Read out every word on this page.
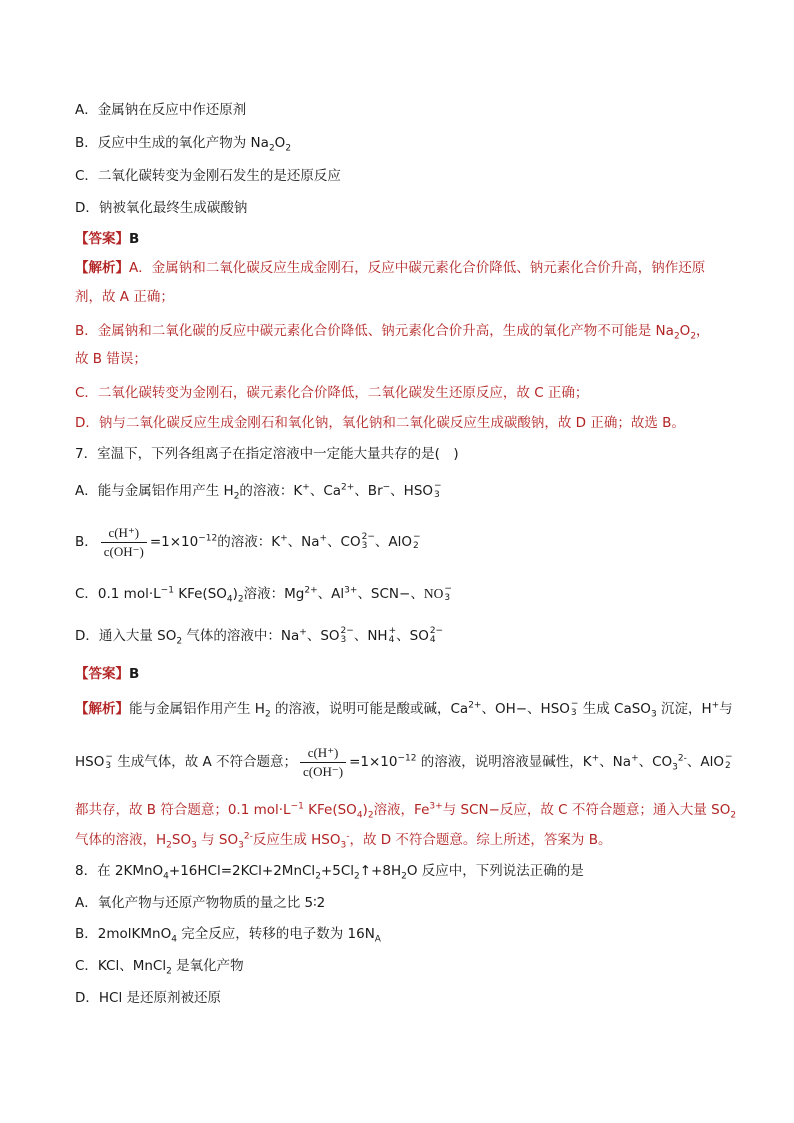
A．金属钠在反应中作还原剂
B．反应中生成的氧化产物为 $Na_2O_2$
C．二氧化碳转变为金刚石发生的是还原反应
D．钠被氧化最终生成碳酸钠
【答案】B
【解析】A．金属钠和二氧化碳反应生成金刚石，反应中碳元素化合价降低、钠元素化合价升高，钠作还原
剂，故 A 正确；
B．金属钠和二氧化碳的反应中碳元素化合价降低、钠元素化合价升高，生成的氧化产物不可能是 $Na_2O_2$，
故 B 错误；
C．二氧化碳转变为金刚石，碳元素化合价降低，二氧化碳发生还原反应，故 C 正确；
D．钠与二氧化碳反应生成金刚石和氧化钠，氧化钠和二氧化碳反应生成碳酸钠，故 D 正确；故选 B。
7．室温下，下列各组离子在指定溶液中一定能大量共存的是(　)
A．能与金属铝作用产生 $H_2$的溶液：K+、$Ca^{2+}$、Br−、HSO −
3
B． $\frac{c(H^+)}{c(OH^-)} =1\times 10^{-12}$的溶液：K+、Na+、CO 2−
3 、AlO −
2
C．0.1 $mol\cdot L^{-1}$ $KFe(SO_4)_2$溶液：$Mg^{2+}$、$Al^{3+}$、SCN−、NO −
3
D．通入大量 $SO_2$ 气体的溶液中：Na+、SO 2−
3 、NH +
4 、SO 2−
4
【答案】B
【解析】能与金属铝作用产生 $H_2$ 的溶液，说明可能是酸或碱，$Ca^{2+}$、OH−、HSO −
3 生成 CaSO$_3$ 沉淀，H+与
HSO −
3 生成气体，故 A 不符合题意； $\frac{c(H^+)}{c(OH^-)} =1\times 10^{-12}$ 的溶液，说明溶液显碱性，K+、Na+、$CO_3^{2-}$、AlO −
2
都共存，故 B 符合题意；0.1 $mol\cdot L^{-1}$ $KFe(SO_4)_2$溶液，$Fe^{3+}$与 SCN−反应，故 C 不符合题意；通入大量 $SO_2$
气体的溶液，$H_2SO_3$ 与 $SO_3^{2-}$反应生成 $HSO_3^-$，故 D 不符合题意。综上所述，答案为 B。
8．在 $2KMnO_4+16HCl=2KCl+2MnCl_2+5Cl_2↑+8H_2O$ 反应中，下列说法正确的是
A．氧化产物与还原产物物质的量之比 5∶2
B．2molKMnO$_4$ 完全反应，转移的电子数为 $16N_A$
C．KCl、MnCl$_2$ 是氧化产物
D．HCl 是还原剂被还原
